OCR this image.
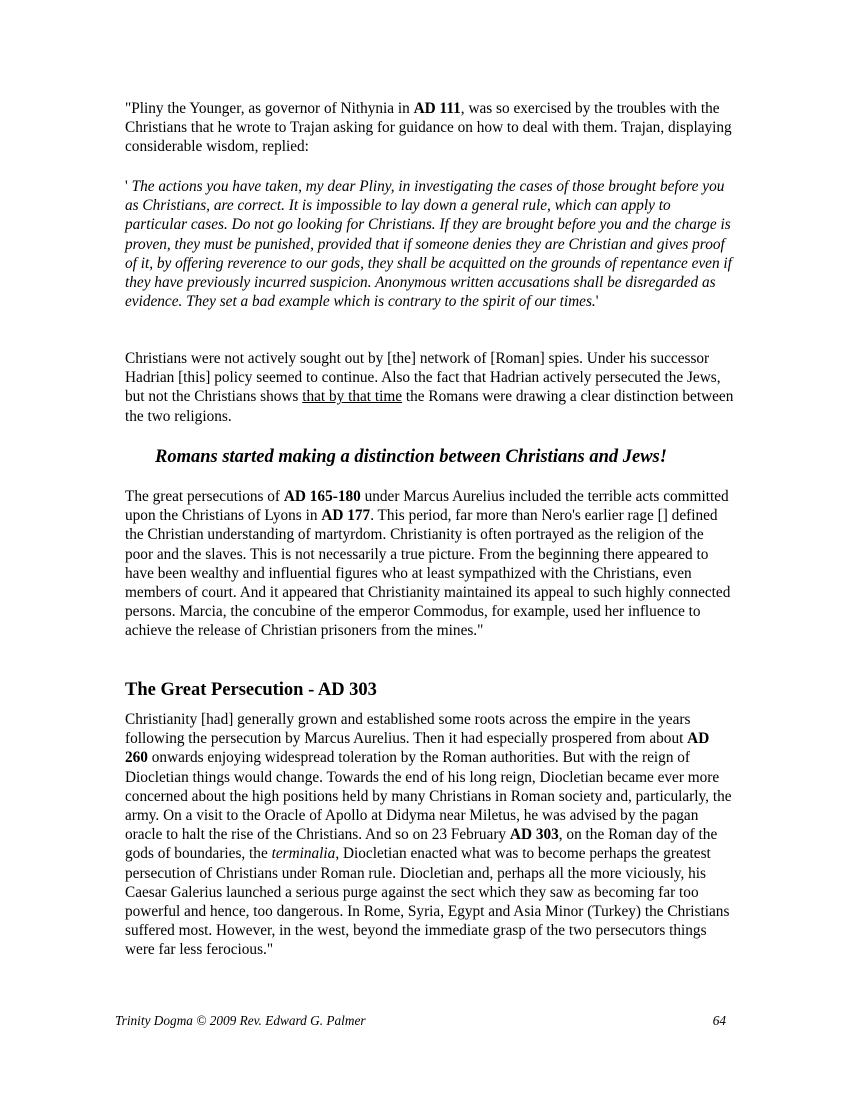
"Pliny the Younger, as governor of Nithynia in AD 111, was so exercised by the troubles with the Christians that he wrote to Trajan asking for guidance on how to deal with them. Trajan, displaying considerable wisdom, replied:

' The actions you have taken, my dear Pliny, in investigating the cases of those brought before you as Christians, are correct. It is impossible to lay down a general rule, which can apply to particular cases. Do not go looking for Christians. If they are brought before you and the charge is proven, they must be punished, provided that if someone denies they are Christian and gives proof of it, by offering reverence to our gods, they shall be acquitted on the grounds of repentance even if they have previously incurred suspicion. Anonymous written accusations shall be disregarded as evidence. They set a bad example which is contrary to the spirit of our times.'

Christians were not actively sought out by [the] network of [Roman] spies. Under his successor Hadrian [this] policy seemed to continue. Also the fact that Hadrian actively persecuted the Jews, but not the Christians shows that by that time the Romans were drawing a clear distinction between the two religions.

Romans started making a distinction between Christians and Jews!

The great persecutions of AD 165-180 under Marcus Aurelius included the terrible acts committed upon the Christians of Lyons in AD 177. This period, far more than Nero's earlier rage [] defined the Christian understanding of martyrdom. Christianity is often portrayed as the religion of the poor and the slaves. This is not necessarily a true picture. From the beginning there appeared to have been wealthy and influential figures who at least sympathized with the Christians, even members of court. And it appeared that Christianity maintained its appeal to such highly connected persons. Marcia, the concubine of the emperor Commodus, for example, used her influence to achieve the release of Christian prisoners from the mines."

The Great Persecution - AD 303

Christianity [had] generally grown and established some roots across the empire in the years following the persecution by Marcus Aurelius. Then it had especially prospered from about AD 260 onwards enjoying widespread toleration by the Roman authorities. But with the reign of Diocletian things would change. Towards the end of his long reign, Diocletian became ever more concerned about the high positions held by many Christians in Roman society and, particularly, the army. On a visit to the Oracle of Apollo at Didyma near Miletus, he was advised by the pagan oracle to halt the rise of the Christians. And so on 23 February AD 303, on the Roman day of the gods of boundaries, the terminalia, Diocletian enacted what was to become perhaps the greatest persecution of Christians under Roman rule. Diocletian and, perhaps all the more viciously, his Caesar Galerius launched a serious purge against the sect which they saw as becoming far too powerful and hence, too dangerous. In Rome, Syria, Egypt and Asia Minor (Turkey) the Christians suffered most. However, in the west, beyond the immediate grasp of the two persecutors things were far less ferocious."

Trinity Dogma © 2009 Rev. Edward G. Palmer	64
